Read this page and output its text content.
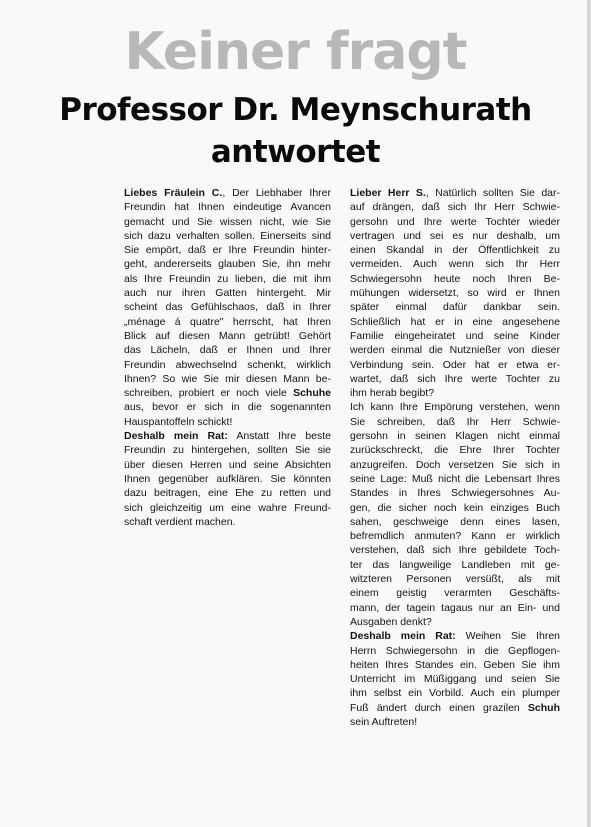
Keiner fragt
Professor Dr. Meynschurath
antwortet
Liebes Fräulein C., Der Liebhaber Ihrer
Freundin hat Ihnen eindeutige Avancen
gemacht und Sie wissen nicht, wie Sie
sich dazu verhalten sollen. Einerseits sind
Sie empört, daß er Ihre Freundin hinter-
geht, andererseits glauben Sie, ihn mehr
als Ihre Freundin zu lieben, die mit ihm
auch nur ihren Gatten hintergeht. Mir
scheint das Gefühlschaos, daß in Ihrer
„ménage á quatre" herrscht, hat Ihren
Blick auf diesen Mann getrübt! Gehört
das Lächeln, daß er Ihnen und Ihrer
Freundin abwechselnd schenkt, wirklich
Ihnen? So wie Sie mir diesen Mann be-
schreiben, probiert er noch viele Schuhe
aus, bevor er sich in die sogenannten
Hauspantoffeln schickt!
Deshalb mein Rat: Anstatt Ihre beste
Freundin zu hintergehen, sollten Sie sie
über diesen Herren und seine Absichten
Ihnen gegenüber aufklären. Sie könnten
dazu beitragen, eine Ehe zu retten und
sich gleichzeitig um eine wahre Freund-
schaft verdient machen.
Lieber Herr S., Natürlich sollten Sie dar-
auf drängen, daß sich Ihr Herr Schwie-
gersohn und Ihre werte Tochter wieder
vertragen und sei es nur deshalb, um
einen Skandal in der Öffentlichkeit zu
vermeiden. Auch wenn sich Ihr Herr
Schwiegersohn heute noch Ihren Be-
mühungen widersetzt, so wird er Ihnen
später einmal dafür dankbar sein.
Schließlich hat er in eine angesehene
Familie eingeheiratet und seine Kinder
werden einmal die Nutznießer von dieser
Verbindung sein. Oder hat er etwa er-
wartet, daß sich Ihre werte Tochter zu
ihm herab begibt?
Ich kann Ihre Empörung verstehen, wenn
Sie schreiben, daß Ihr Herr Schwie-
gersohn in seinen Klagen nicht einmal
zurückschreckt, die Ehre Ihrer Tochter
anzugreifen. Doch versetzen Sie sich in
seine Lage: Muß nicht die Lebensart Ihres
Standes in Ihres Schwiegersohnes Au-
gen, die sicher noch kein einziges Buch
sahen, geschweige denn eines lasen,
befremdlich anmuten? Kann er wirklich
verstehen, daß sich Ihre gebildete Toch-
ter das langweilige Landleben mit ge-
witzteren Personen versüßt, als mit
einem geistig verarmten Geschäfts-
mann, der tagein tagaus nur an Ein- und
Ausgaben denkt?
Deshalb mein Rat: Weihen Sie Ihren
Herrn Schwiegersohn in die Gepflogen-
heiten Ihres Standes ein. Geben Sie ihm
Unterricht im Müßiggang und seien Sie
ihm selbst ein Vorbild. Auch ein plumper
Fuß ändert durch einen grazilen Schuh
sein Auftreten!
